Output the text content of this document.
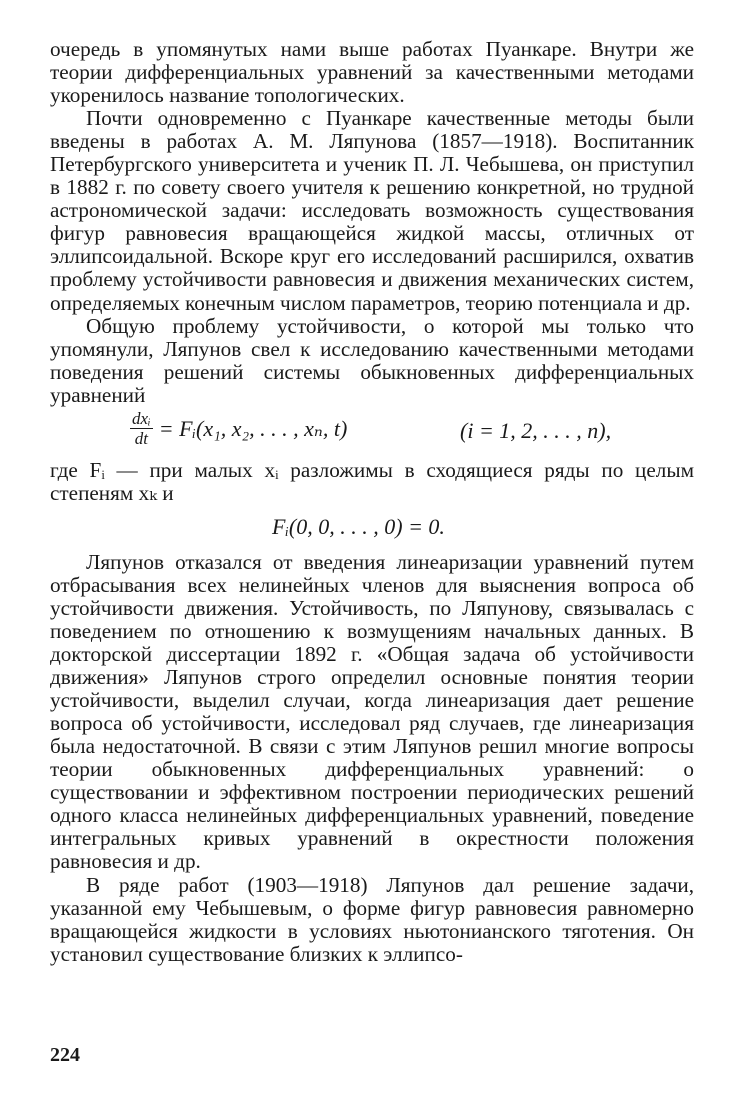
очередь в упомянутых нами выше работах Пуанкаре. Внутри же теории дифференциальных уравнений за качественными методами укоренилось название топологических.

Почти одновременно с Пуанкаре качественные методы были введены в работах А. М. Ляпунова (1857—1918). Воспитанник Петербургского университета и ученик П. Л. Чебышева, он приступил в 1882 г. по совету своего учителя к решению конкретной, но трудной астрономической задачи: исследовать возможность существования фигур равновесия вращающейся жидкой массы, отличных от эллипсоидальной. Вскоре круг его исследований расширился, охватив проблему устойчивости равновесия и движения механических систем, определяемых конечным числом параметров, теорию потенциала и др.

Общую проблему устойчивости, о которой мы только что упомянули, Ляпунов свел к исследованию качественными методами поведения решений системы обыкновенных дифференциальных уравнений

$\frac{\text{dxᵢ}}{dt}$ = Fᵢ(x₁, x₂, . . . , xₙ, t)	(i = 1, 2, . . . , n),

где Fᵢ — при малых xᵢ разложимы в сходящиеся ряды по целым степеням xₖ и

Fᵢ(0, 0, . . . , 0) = 0.

Ляпунов отказался от введения линеаризации уравнений путем отбрасывания всех нелинейных членов для выяснения вопроса об устойчивости движения. Устойчивость, по Ляпунову, связывалась с поведением по отношению к возмущениям начальных данных. В докторской диссертации 1892 г. «Общая задача об устойчивости движения» Ляпунов строго определил основные понятия теории устойчивости, выделил случаи, когда линеаризация дает решение вопроса об устойчивости, исследовал ряд случаев, где линеаризация была недостаточной. В связи с этим Ляпунов решил многие вопросы теории обыкновенных дифференциальных уравнений: о существовании и эффективном построении периодических решений одного класса нелинейных дифференциальных уравнений, поведение интегральных кривых уравнений в окрестности положения равновесия и др.

В ряде работ (1903—1918) Ляпунов дал решение задачи, указанной ему Чебышевым, о форме фигур равновесия равномерно вращающейся жидкости в условиях ньютонианского тяготения. Он установил существование близких к эллипсо-

224
